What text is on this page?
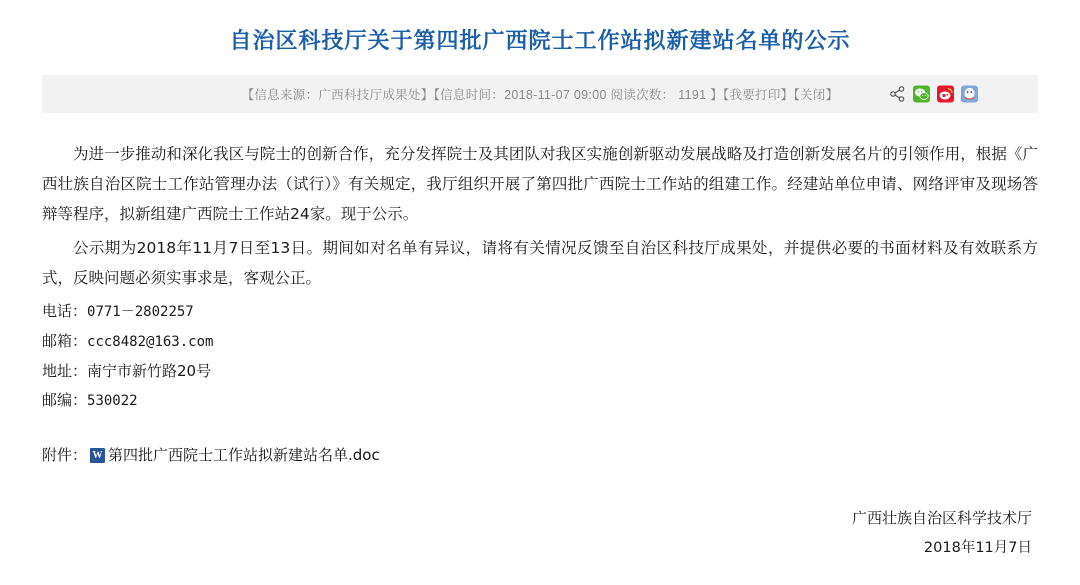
自治区科技厅关于第四批广西院士工作站拟新建站名单的公示
【信息来源：广西科技厅成果处】【信息时间：2018-11-07 09:00 阅读次数： 1191 】【我要打印】【关闭】

为进一步推动和深化我区与院士的创新合作，充分发挥院士及其团队对我区实施创新驱动发展战略及打造创新发展名片的引领作用，根据《广西壮族自治区院士工作站管理办法（试行）》有关规定，我厅组织开展了第四批广西院士工作站的组建工作。经建站单位申请、网络评审及现场答辩等程序，拟新组建广西院士工作站24家。现于公示。

公示期为2018年11月7日至13日。期间如对名单有异议，请将有关情况反馈至自治区科技厅成果处，并提供必要的书面材料及有效联系方式，反映问题必须实事求是，客观公正。

电话：0771－2802257

邮箱：ccc8482@163.com

地址：南宁市新竹路20号

邮编：530022

附件： W 第四批广西院士工作站拟新建站名单.doc
广西壮族自治区科学技术厅
2018年11月7日
